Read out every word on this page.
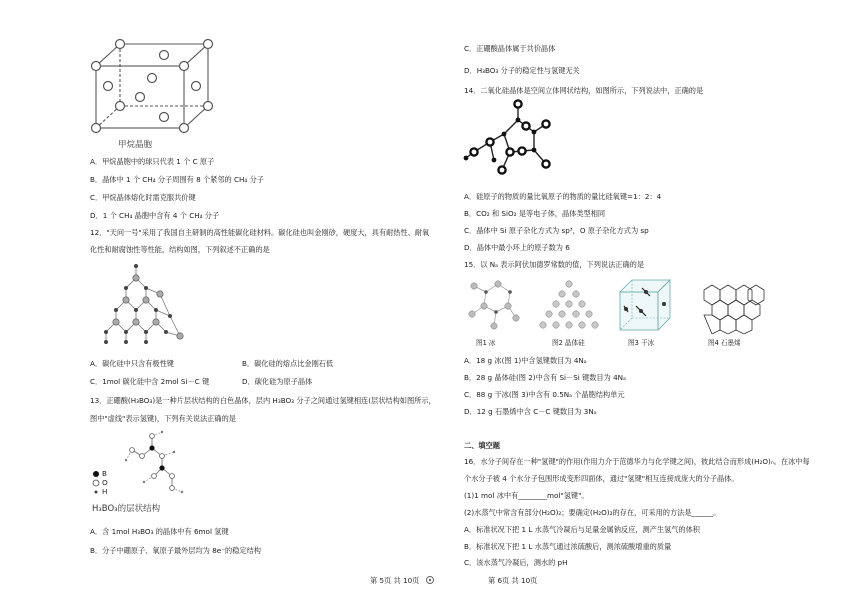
甲烷晶胞
A．甲烷晶胞中的球只代表 1 个 C 原子
B．晶体中 1 个 CH₄ 分子周围有 8 个紧邻的 CH₄ 分子
C．甲烷晶体熔化时需克服共价键
D．1 个 CH₄ 晶胞中含有 4 个 CH₄ 分子
12．"天问一号"采用了我国自主研制的高性能碳化硅材料。碳化硅也叫金刚砂，硬度大，具有耐热性、耐氧
化性和耐腐蚀性等性能，结构如图，下列叙述不正确的是
A．碳化硅中只含有极性键	B．碳化硅的熔点比金刚石低
C．1mol 碳化硅中含 2mol Si－C 键	D．碳化硅为原子晶体
13．正硼酸(H₃BO₃)是一种片层状结构的白色晶体，层内 H₃BO₃ 分子之间通过氢键相连(层状结构如图所示，
图中"虚线"表示氢键)，下列有关说法正确的是
B
O
H
H₃BO₃的层状结构
A．含 1mol H₃BO₃ 的晶体中有 6mol 氢键
B．分子中硼原子、氧原子最外层均为 8e⁻的稳定结构
C．正硼酸晶体属于共价晶体
D．H₃BO₃ 分子的稳定性与氢键无关
14．二氧化硅晶体是空间立体网状结构，如图所示，下列说法中，正确的是
A．硅原子的物质的量比氧原子的物质的量比硅氧键=1：2：4
B．CO₂ 和 SiO₂ 是等电子体，晶体类型相同
C．晶体中 Si 原子杂化方式为 sp³，O 原子杂化方式为 sp
D．晶体中最小环上的原子数为 6
15．以 Nₐ 表示阿伏加德罗常数的值，下列说法正确的是
图1 冰	图2 晶体硅	图3 干冰	图4 石墨烯
A．18 g 冰(图 1)中含氢键数目为 4Nₐ
B．28 g 晶体硅(图 2)中含有 Si－Si 键数目为 4Nₐ
C．88 g 干冰(图 3)中含有 0.5Nₐ 个晶胞结构单元
D．12 g 石墨烯中含 C－C 键数目为 3Nₐ
二、填空题
16．水分子间存在一种"氢键"的作用(作用力介于范德华力与化学键之间)，彼此结合而形成(H₂O)ₙ。在冰中每
个水分子被 4 个水分子包围形成变形四面体，通过"氢键"相互连接成庞大的分子晶体。
(1)1 mol 冰中有________mol"氢键"。
(2)水蒸气中常含有部分(H₂O)₂；要确定(H₂O)₂的存在，可采用的方法是______。
A．标准状况下把 1 L 水蒸气冷凝后与足量金属钠反应，测产生氢气的体积
B．标准状况下把 1 L 水蒸气通过浓硫酸后，测浓硫酸增重的质量
C．该水蒸气冷凝后，测水的 pH
第 5页 共 10页	第 6页 共 10页
